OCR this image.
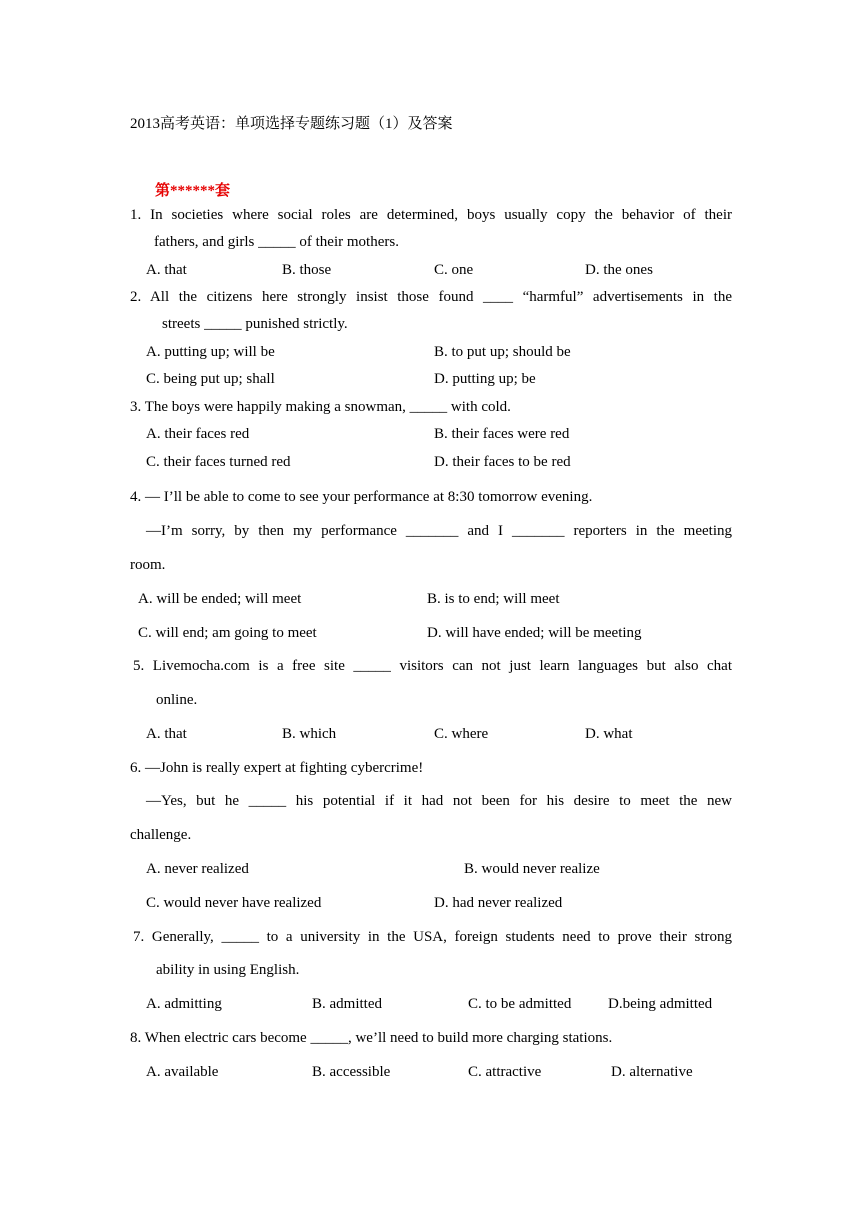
2013高考英语：单项选择专题练习题（1）及答案
第******套
1. In societies where social roles are determined, boys usually copy the behavior of their
fathers, and girls _____ of their mothers.
A. that	B. those	C. one	D. the ones
2. All the citizens here strongly insist those found ____ “harmful” advertisements in the
streets _____ punished strictly.
A. putting up; will be	B. to put up; should be
C. being put up; shall	D. putting up; be
3. The boys were happily making a snowman, _____ with cold.
A. their faces red	B. their faces were red
C. their faces turned red	D. their faces to be red
4. — I’ll be able to come to see your performance at 8:30 tomorrow evening.
—I’m sorry, by then my performance _______ and I _______ reporters in the meeting
room.
A. will be ended; will meet	B. is to end; will meet
C. will end; am going to meet	D. will have ended; will be meeting
5. Livemocha.com is a free site _____ visitors can not just learn languages but also chat
online.
A. that	B. which	C. where	D. what
6. —John is really expert at fighting cybercrime!
—Yes, but he _____ his potential if it had not been for his desire to meet the new
challenge.
A. never realized	B. would never realize
C. would never have realized	D. had never realized
7. Generally, _____ to a university in the USA, foreign students need to prove their strong
ability in using English.
A. admitting	B. admitted	C. to be admitted D.being admitted
8. When electric cars become _____, we’ll need to build more charging stations.
A. available	B. accessible	C. attractive	D. alternative
